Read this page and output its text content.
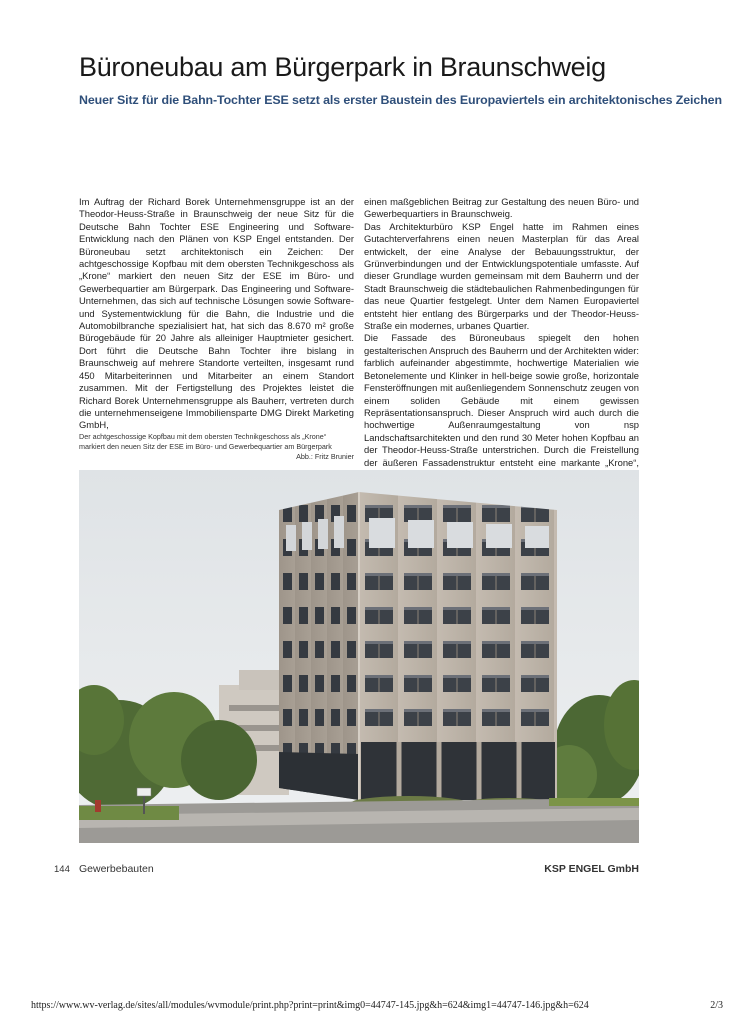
Büroneubau am Bürgerpark in Braunschweig
Neuer Sitz für die Bahn-Tochter ESE setzt als erster Baustein des Europaviertels ein architektonisches Zeichen

Im Auftrag der Richard Borek Unternehmensgruppe ist an der Theodor-Heuss-Straße in Braunschweig der neue Sitz für die Deutsche Bahn Tochter ESE Engineering und Software-Entwicklung nach den Plänen von KSP Engel entstanden. Der Büroneubau setzt architektonisch ein Zeichen: Der achtgeschossige Kopfbau mit dem obersten Technikgeschoss als „Krone“ markiert den neuen Sitz der ESE im Büro- und Gewerbequartier am Bürgerpark. Das Engineering und Software-Unternehmen, das sich auf technische Lösungen sowie Software- und Systementwicklung für die Bahn, die Industrie und die Automobilbranche spezialisiert hat, hat sich das 8.670 m² große Bürogebäude für 20 Jahre als alleiniger Hauptmieter gesichert. Dort führt die Deutsche Bahn Tochter ihre bislang in Braunschweig auf mehrere Standorte verteilten, insgesamt rund 450 Mitarbeiterinnen und Mitarbeiter an einem Standort zusammen. Mit der Fertigstellung des Projektes leistet die Richard Borek Unternehmensgruppe als Bauherr, vertreten durch die unternehmenseigene Immobiliensparte DMG Direkt Marketing GmbH,

einen maßgeblichen Beitrag zur Gestaltung des neuen Büro- und Gewerbequartiers in Braunschweig.

Das Architekturbüro KSP Engel hatte im Rahmen eines Gutachterverfahrens einen neuen Masterplan für das Areal entwickelt, der eine Analyse der Bebauungsstruktur, der Grünverbindungen und der Entwicklungspotentiale umfasste. Auf dieser Grundlage wurden gemeinsam mit dem Bauherrn und der Stadt Braunschweig die städtebaulichen Rahmenbedingungen für das neue Quartier festgelegt. Unter dem Namen Europaviertel entsteht hier entlang des Bürgerparks und der Theodor-Heuss-Straße ein modernes, urbanes Quartier.

Die Fassade des Büroneubaus spiegelt den hohen gestalterischen Anspruch des Bauherrn und der Architekten wider: farblich aufeinander abgestimmte, hochwertige Materialien wie Betonelemente und Klinker in hell-beige sowie große, horizontale Fensteröffnungen mit außenliegendem Sonnenschutz zeugen von einem soliden Gebäude mit einem gewissen Repräsentationsanspruch. Dieser Anspruch wird auch durch die hochwertige Außenraumgestaltung von nsp Landschaftsarchitekten und den rund 30 Meter hohen Kopfbau an der Theodor-Heuss-Straße unterstrichen. Durch die Freistellung der äußeren Fassadenstruktur entsteht eine markante „Krone“,

Der achtgeschossige Kopfbau mit dem obersten Technikgeschoss als „Krone“ markiert den neuen Sitz der ESE im Büro- und Gewerbequartier am Bürgerpark
Abb.: Fritz Brunier
144 Gewerbebauten	KSP ENGEL GmbH
https://www.wv-verlag.de/sites/all/modules/wvmodule/print.php?print=print&img0=44747-145.jpg&h=624&img1=44747-146.jpg&h=624	2/3
